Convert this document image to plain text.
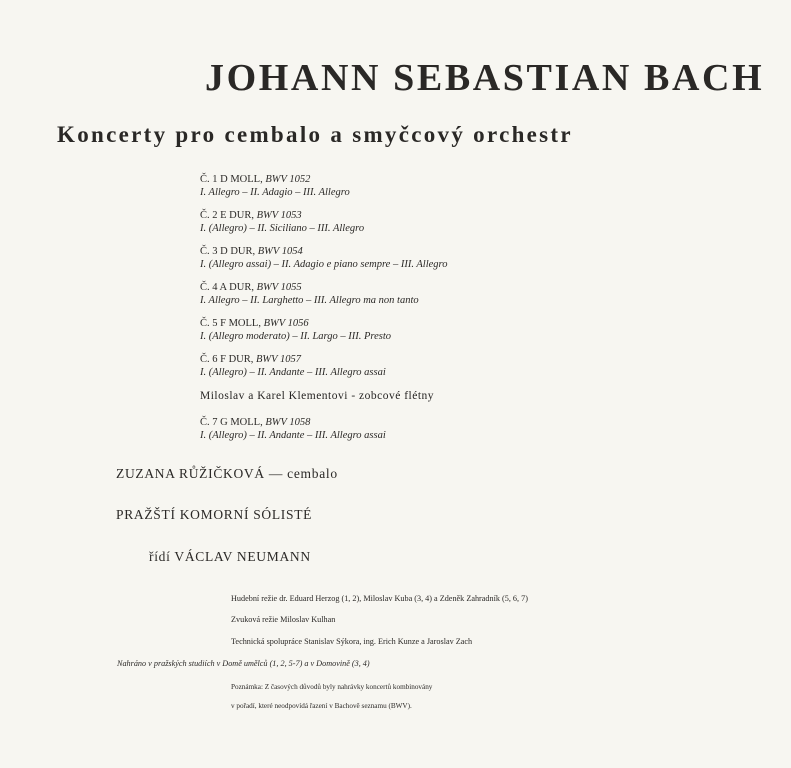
JOHANN SEBASTIAN BACH
Koncerty pro cembalo a smyčcový orchestr
Č. 1 D MOLL, BWV 1052
I. Allegro – II. Adagio – III. Allegro
Č. 2 E DUR, BWV 1053
I. (Allegro) – II. Siciliano – III. Allegro
Č. 3 D DUR, BWV 1054
I. (Allegro assai) – II. Adagio e piano sempre – III. Allegro
Č. 4 A DUR, BWV 1055
I. Allegro – II. Larghetto – III. Allegro ma non tanto
Č. 5 F MOLL, BWV 1056
I. (Allegro moderato) – II. Largo – III. Presto
Č. 6 F DUR, BWV 1057
I. (Allegro) – II. Andante – III. Allegro assai
Miloslav a Karel Klementovi - zobcové flétny
Č. 7 G MOLL, BWV 1058
I. (Allegro) – II. Andante – III. Allegro assai
ZUZANA RŮŽIČKOVÁ — cembalo
PRAŽŠTÍ KOMORNÍ SÓLISTÉ
řídí VÁCLAV NEUMANN
Hudební režie dr. Eduard Herzog (1, 2), Miloslav Kuba (3, 4) a Zdeněk Zahradník (5, 6, 7)
Zvuková režie Miloslav Kulhan
Technická spolupráce Stanislav Sýkora, ing. Erich Kunze a Jaroslav Zach
Nahráno v pražských studiích v Domě umělců (1, 2, 5-7) a v Domovině (3, 4)
Poznámka: Z časových důvodů byly nahrávky koncertů kombinovány
v pořadí, které neodpovídá řazení v Bachově seznamu (BWV).
